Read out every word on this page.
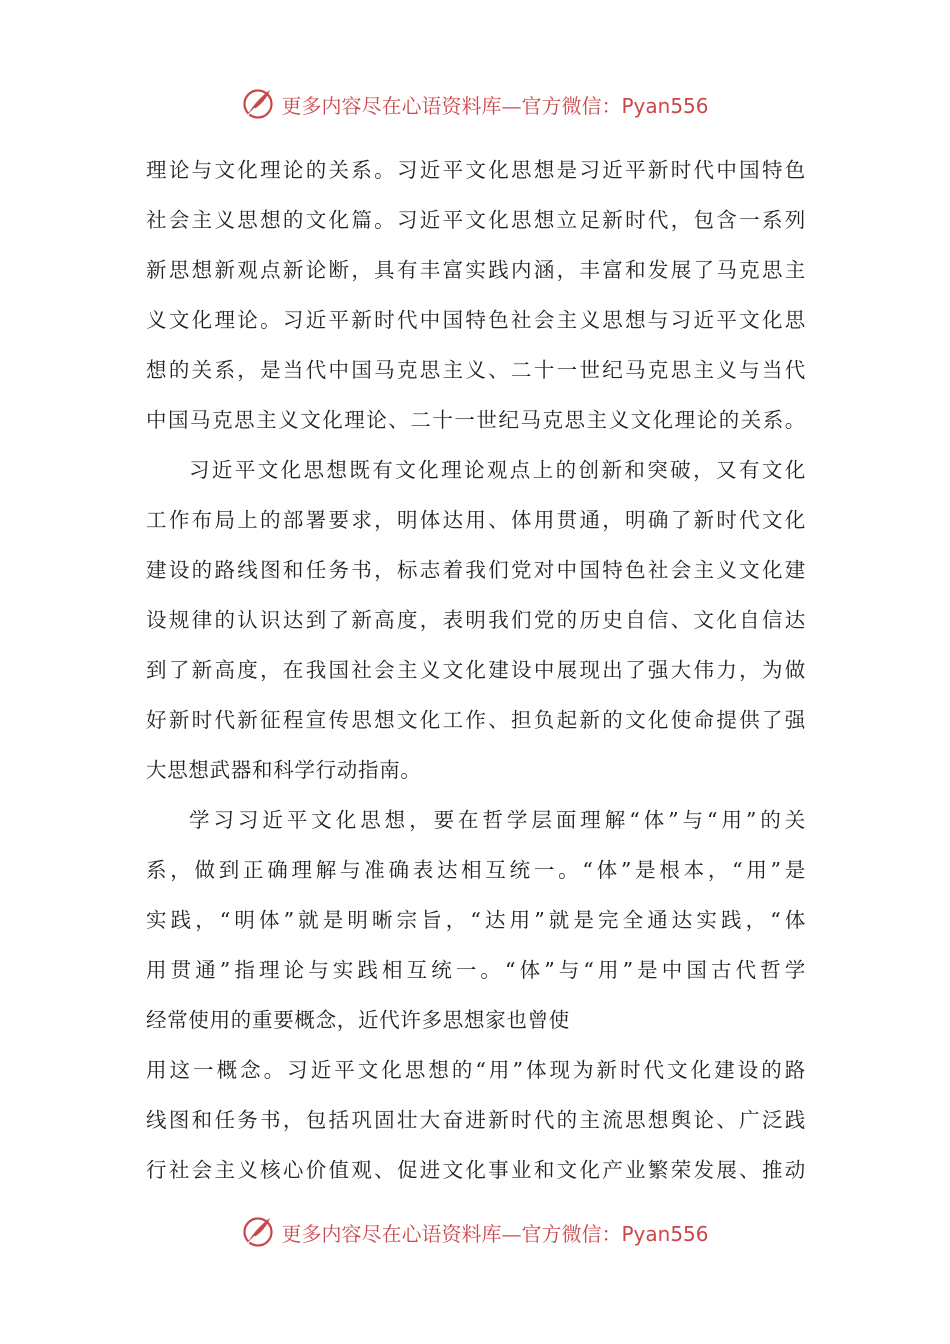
更多内容尽在心语资料库—官方微信：Pyan556
理论与文化理论的关系。习近平文化思想是习近平新时代中国特色
社会主义思想的文化篇。习近平文化思想立足新时代，包含一系列
新思想新观点新论断，具有丰富实践内涵，丰富和发展了马克思主
义文化理论。习近平新时代中国特色社会主义思想与习近平文化思
想的关系，是当代中国马克思主义、二十一世纪马克思主义与当代
中国马克思主义文化理论、二十一世纪马克思主义文化理论的关系。
习近平文化思想既有文化理论观点上的创新和突破，又有文化
工作布局上的部署要求，明体达用、体用贯通，明确了新时代文化
建设的路线图和任务书，标志着我们党对中国特色社会主义文化建
设规律的认识达到了新高度，表明我们党的历史自信、文化自信达
到了新高度，在我国社会主义文化建设中展现出了强大伟力，为做
好新时代新征程宣传思想文化工作、担负起新的文化使命提供了强
大思想武器和科学行动指南。
学习习近平文化思想，要在哲学层面理解“体”与“用”的关
系，做到正确理解与准确表达相互统一。“体”是根本，“用”是
实践，“明体”就是明晰宗旨，“达用”就是完全通达实践，“体
用贯通”指理论与实践相互统一。“体”与“用”是中国古代哲学
经常使用的重要概念，近代许多思想家也曾使
用这一概念。习近平文化思想的“用”体现为新时代文化建设的路
线图和任务书，包括巩固壮大奋进新时代的主流思想舆论、广泛践
行社会主义核心价值观、促进文化事业和文化产业繁荣发展、推动
更多内容尽在心语资料库—官方微信：Pyan556
